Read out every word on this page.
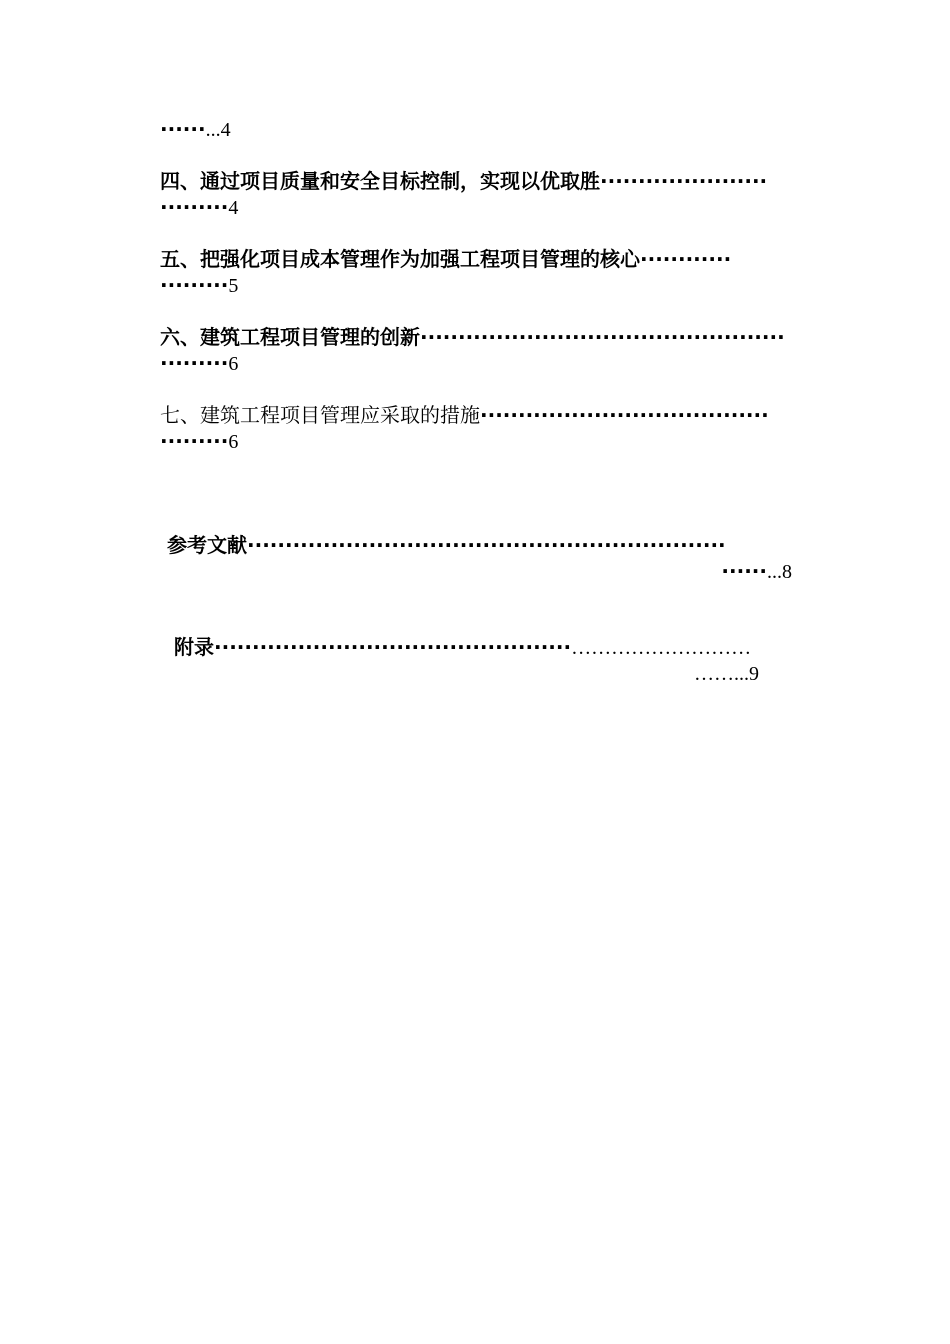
······...4
四、通过项目质量和安全目标控制，实现以优取胜······················
·········4
五、把强化项目成本管理作为加强工程项目管理的核心············
·········5
六、建筑工程项目管理的创新················································
·········6
七、建筑工程项目管理应采取的措施······································
·········6
参考文献·······························································
······...8
附录···············································………………………
……...9
